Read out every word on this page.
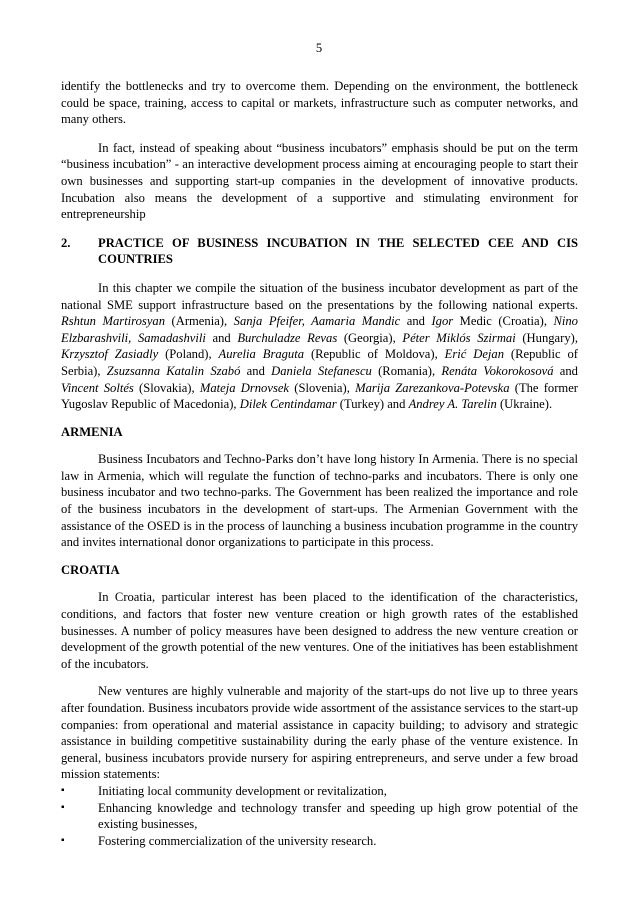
5

identify the bottlenecks and try to overcome them. Depending on the environment, the bottleneck could be space, training, access to capital or markets, infrastructure such as computer networks, and many others.

In fact, instead of speaking about “business incubators” emphasis should be put on the term “business incubation” - an interactive development process aiming at encouraging people to start their own businesses and supporting start-up companies in the development of innovative products. Incubation also means the development of a supportive and stimulating environment for entrepreneurship

2.	PRACTICE OF BUSINESS INCUBATION IN THE SELECTED CEE AND CIS COUNTRIES

In this chapter we compile the situation of the business incubator development as part of the national SME support infrastructure based on the presentations by the following national experts. Rshtun Martirosyan (Armenia), Sanja Pfeifer, Aamaria Mandic and Igor Medic (Croatia), Nino Elzbarashvili, Samadashvili and Burchuladze Revas (Georgia), Péter Miklós Szirmai (Hungary), Krzysztof Zasiadly (Poland), Aurelia Braguta (Republic of Moldova), Erić Dejan (Republic of Serbia), Zsuzsanna Katalin Szabó and Daniela Stefanescu (Romania), Renáta Vokorokosová and Vincent Soltés (Slovakia), Mateja Drnovsek (Slovenia), Marija Zarezankova-Potevska (The former Yugoslav Republic of Macedonia), Dilek Centindamar (Turkey) and Andrey A. Tarelin (Ukraine).

ARMENIA

Business Incubators and Techno-Parks don’t have long history In Armenia. There is no special law in Armenia, which will regulate the function of techno-parks and incubators. There is only one business incubator and two techno-parks. The Government has been realized the importance and role of the business incubators in the development of start-ups. The Armenian Government with the assistance of the OSED is in the process of launching a business incubation programme in the country and invites international donor organizations to participate in this process.

CROATIA

In Croatia, particular interest has been placed to the identification of the characteristics, conditions, and factors that foster new venture creation or high growth rates of the established businesses. A number of policy measures have been designed to address the new venture creation or development of the growth potential of the new ventures. One of the initiatives has been establishment of the incubators.

New ventures are highly vulnerable and majority of the start-ups do not live up to three years after foundation. Business incubators provide wide assortment of the assistance services to the start-up companies: from operational and material assistance in capacity building; to advisory and strategic assistance in building competitive sustainability during the early phase of the venture existence. In general, business incubators provide nursery for aspiring entrepreneurs, and serve under a few broad mission statements:

▪	Initiating local community development or revitalization,
▪	Enhancing knowledge and technology transfer and speeding up high grow potential of the existing businesses,
▪	Fostering commercialization of the university research.
